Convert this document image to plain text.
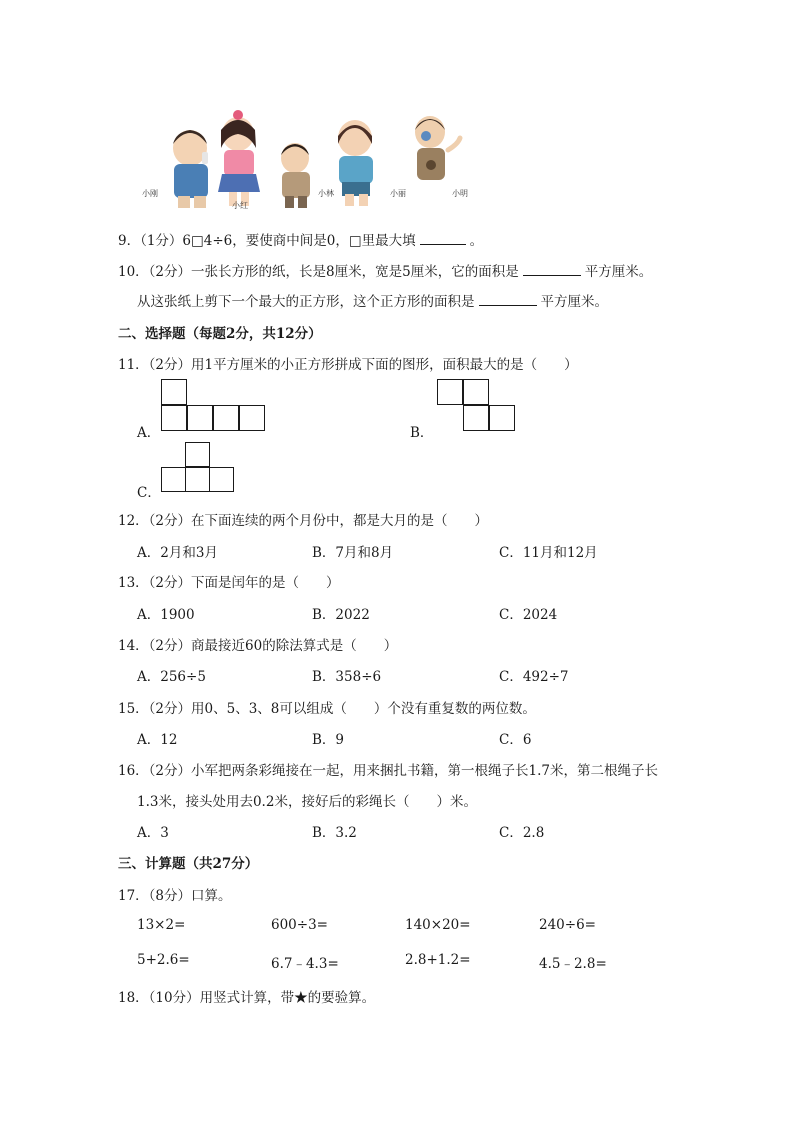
小刚
小红
小林	小丽	小明
9．（1分）6□4÷6，要使商中间是0，□里最大填	。
10．（2分）一张长方形的纸，长是8厘米，宽是5厘米，它的面积是	平方厘米。
从这张纸上剪下一个最大的正方形，这个正方形的面积是	平方厘米。
二、选择题（每题2分，共12分）
11．（2分）用1平方厘米的小正方形拼成下面的图形，面积最大的是（　　）
A．	B．
C．
12．（2分）在下面连续的两个月份中，都是大月的是（　　）
A．2月和3月	B．7月和8月	C．11月和12月
13．（2分）下面是闰年的是（　　）
A．1900	B．2022	C．2024
14．（2分）商最接近60的除法算式是（　　）
A．256÷5	B．358÷6	C．492÷7
15．（2分）用0、5、3、8可以组成（　　）个没有重复数的两位数。
A．12	B．9	C．6
16．（2分）小军把两条彩绳接在一起，用来捆扎书籍，第一根绳子长1.7米，第二根绳子长
1.3米，接头处用去0.2米，接好后的彩绳长（　　）米。
A．3	B．3.2	C．2.8
三、计算题（共27分）
17．（8分）口算。
13×2=	600÷3=	140×20=	240÷6=
5+2.6=	6.7﹣4.3=	2.8+1.2=	4.5﹣2.8=
18．（10分）用竖式计算，带★的要验算。
